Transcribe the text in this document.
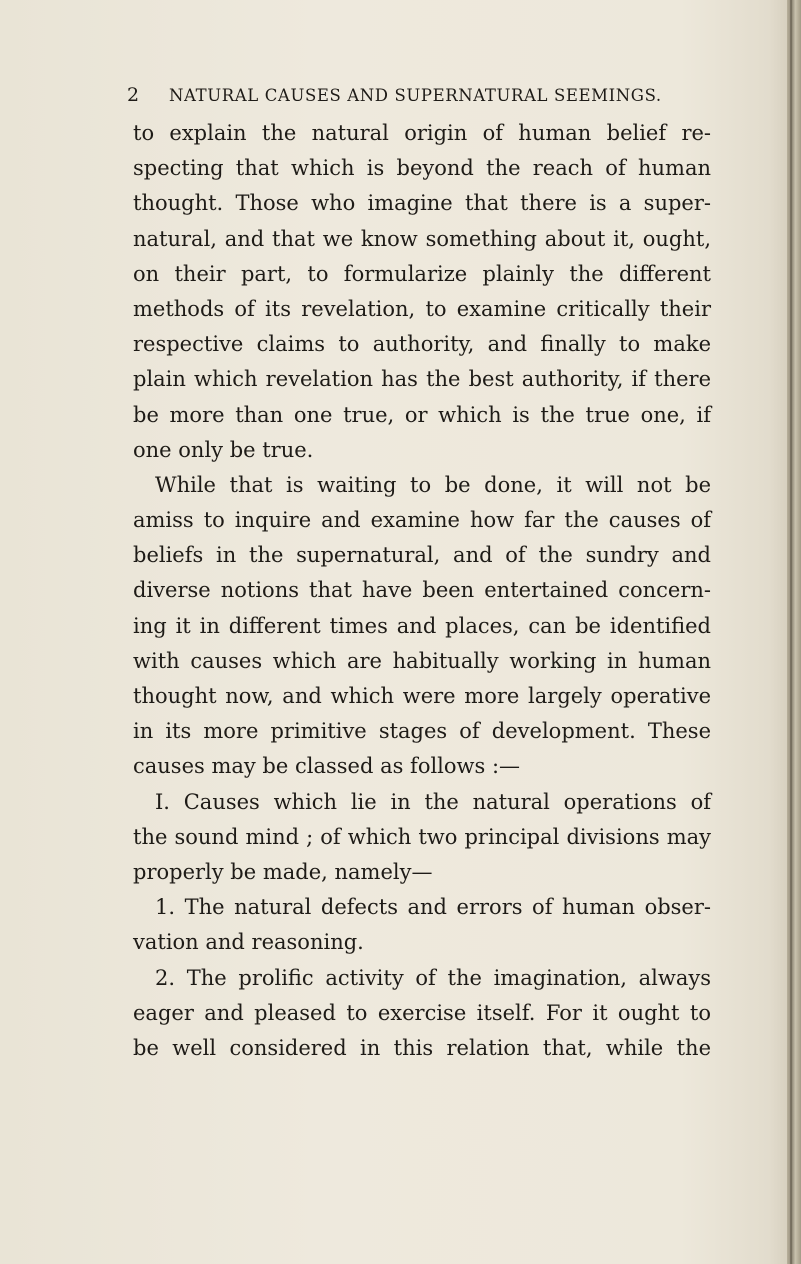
2 NATURAL CAUSES AND SUPERNATURAL SEEMINGS.
to explain the natural origin of human belief re-
specting that which is beyond the reach of human
thought. Those who imagine that there is a super-
natural, and that we know something about it, ought,
on their part, to formularize plainly the different
methods of its revelation, to examine critically their
respective claims to authority, and finally to make
plain which revelation has the best authority, if there
be more than one true, or which is the true one, if
one only be true.
While that is waiting to be done, it will not be
amiss to inquire and examine how far the causes of
beliefs in the supernatural, and of the sundry and
diverse notions that have been entertained concern-
ing it in different times and places, can be identified
with causes which are habitually working in human
thought now, and which were more largely operative
in its more primitive stages of development. These
causes may be classed as follows :—
I. Causes which lie in the natural operations of
the sound mind ; of which two principal divisions may
properly be made, namely—
1. The natural defects and errors of human obser-
vation and reasoning.
2. The prolific activity of the imagination, always
eager and pleased to exercise itself. For it ought to
be well considered in this relation that, while the
